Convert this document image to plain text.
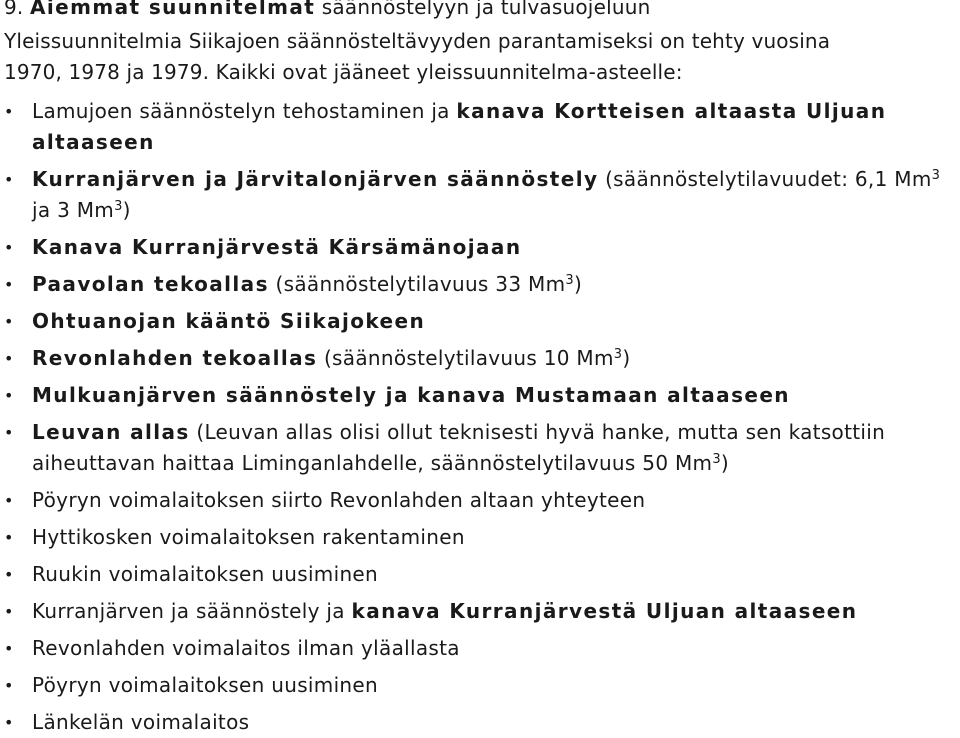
9. Aiemmat suunnitelmat säännöstelyyn ja tulvasuojeluun
Yleissuunnitelmia Siikajoen säännösteltävyyden parantamiseksi on tehty vuosina
1970, 1978 ja 1979. Kaikki ovat jääneet yleissuunnitelma-asteelle:
• Lamujoen säännöstelyn tehostaminen ja kanava Kortteisen altaasta Uljuan altaaseen
• Kurranjärven ja Järvitalonjärven säännöstely (säännöstelytilavuudet: 6,1 Mm$^3$ ja 3 Mm$^3$)
• Kanava Kurranjärvestä Kärsämänojaan
• Paavolan tekoallas (säännöstelytilavuus 33 Mm$^3$)
• Ohtuanojan kääntö Siikajokeen
• Revonlahden tekoallas (säännöstelytilavuus 10 Mm$^3$)
• Mulkuanjärven säännöstely ja kanava Mustamaan altaaseen
• Leuvan allas (Leuvan allas olisi ollut teknisesti hyvä hanke, mutta sen katsottiin aiheuttavan haittaa Liminganlahdelle, säännöstelytilavuus 50 Mm$^3$)
• Pöyryn voimalaitoksen siirto Revonlahden altaan yhteyteen
• Hyttikosken voimalaitoksen rakentaminen
• Ruukin voimalaitoksen uusiminen
• Kurranjärven ja säännöstely ja kanava Kurranjärvestä Uljuan altaaseen
• Revonlahden voimalaitos ilman yläallasta
• Pöyryn voimalaitoksen uusiminen
• Länkelän voimalaitos
